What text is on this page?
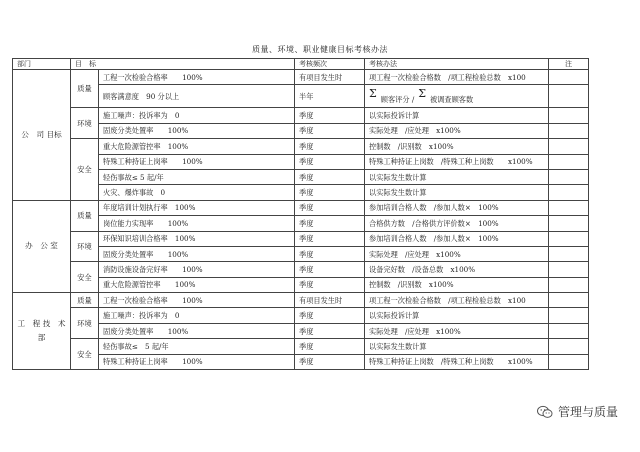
质量、环境、职业健康目标考核办法
部门	目　标		考核频次	考核办法	注
公　司 目标	质量	工程一次检验合格率　　100%	有项目发生时	项工程一次检验合格数　/项工程检验总数　x100	
		顾客满意度　90 分以上	半年	Σ 顾客评分 / Σ 被调查顾客数	

	环境	施工噪声：投诉率为　0	季度	以实际投诉计算	
		固废分类处置率　　100%	季度	实际处理　/应处理　x100%	
	安全	重大危险源管控率　100%	季度	控制数　/识别数　x100%	
		特殊工种持证上岗率　　100%	季度	特殊工种持证上岗数　/特殊工种上岗数　　x100%	
		轻伤事故≤ 5 起/年	季度	以实际发生数计算	
		火灾、爆炸事故　0	季度	以实际发生数计算	
办　公 室	质量	年度培训计划执行率　100%	季度	参加培训合格人数　/参加人数×　100%	
		岗位能力实现率　　100%	季度	合格供方数　/合格供方评价数×　100%	
	环境	环保知识培训合格率　100%	季度	参加培训合格人数　/参加人数×　100%	
		固废分类处置率　　100%	季度	实际处理　/应处理　x100%	
	安全	消防设施设备完好率　　100%	季度	设备完好数　/设备总数　x100%	
		重大危险源管控率　　100%	季度	控制数　/识别数　x100%	
工　程 技　术 部	质量	工程一次检验合格率　　100%	有项目发生时	项工程一次检验合格数　/项工程检验总数　x100	
	环境	施工噪声：投诉率为　0	季度	以实际投诉计算	
		固废分类处置率　　100%	季度	实际处理　/应处理　x100%	
	安全	轻伤事故≤　5 起/年	季度	以实际发生数计算	
		特殊工种持证上岗率　　100%	季度	特殊工种持证上岗数　/特殊工种上岗数　　x100%	
管理与质量
